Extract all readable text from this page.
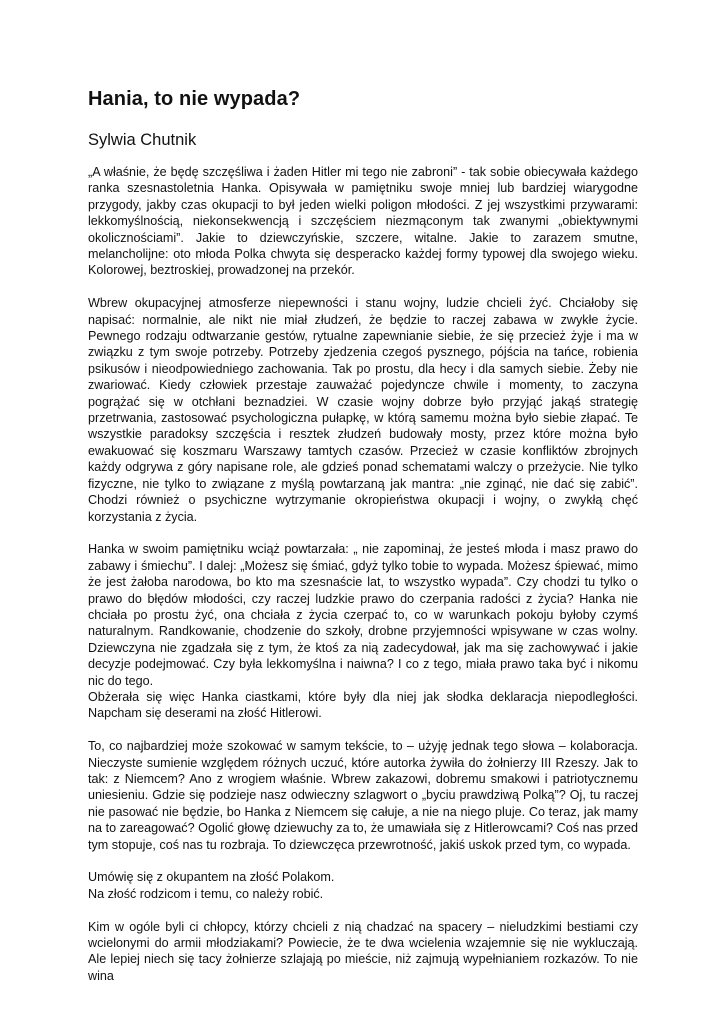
Hania, to nie wypada?
Sylwia Chutnik

„A właśnie, że będę szczęśliwa i żaden Hitler mi tego nie zabroni” - tak sobie obiecywała każdego ranka szesnastoletnia Hanka. Opisywała w pamiętniku swoje mniej lub bardziej wiarygodne przygody, jakby czas okupacji to był jeden wielki poligon młodości. Z jej wszystkimi przywarami: lekkomyślnością, niekonsekwencją i szczęściem niezmąconym tak zwanymi „obiektywnymi okolicznościami”. Jakie to dziewczyńskie, szczere, witalne. Jakie to zarazem smutne, melancholijne: oto młoda Polka chwyta się desperacko każdej formy typowej dla swojego wieku. Kolorowej, beztroskiej, prowadzonej na przekór.

Wbrew okupacyjnej atmosferze niepewności i stanu wojny, ludzie chcieli żyć. Chciałoby się napisać: normalnie, ale nikt nie miał złudzeń, że będzie to raczej zabawa w zwykłe życie. Pewnego rodzaju odtwarzanie gestów, rytualne zapewnianie siebie, że się przecież żyje i ma w związku z tym swoje potrzeby. Potrzeby zjedzenia czegoś pysznego, pójścia na tańce, robienia psikusów i nieodpowiedniego zachowania. Tak po prostu, dla hecy i dla samych siebie. Żeby nie zwariować. Kiedy człowiek przestaje zauważać pojedyncze chwile i momenty, to zaczyna pogrążać się w otchłani beznadziei. W czasie wojny dobrze było przyjąć jakąś strategię przetrwania, zastosować psychologiczna pułapkę, w którą samemu można było siebie złapać. Te wszystkie paradoksy szczęścia i resztek złudzeń budowały mosty, przez które można było ewakuować się koszmaru Warszawy tamtych czasów. Przecież w czasie konfliktów zbrojnych każdy odgrywa z góry napisane role, ale gdzieś ponad schematami walczy o przeżycie. Nie tylko fizyczne, nie tylko to związane z myślą powtarzaną jak mantra: „nie zginąć, nie dać się zabić”. Chodzi również o psychiczne wytrzymanie okropieństwa okupacji i wojny, o zwykłą chęć korzystania z życia.

Hanka w swoim pamiętniku wciąż powtarzała: „ nie zapominaj, że jesteś młoda i masz prawo do zabawy i śmiechu”. I dalej: „Możesz się śmiać, gdyż tylko tobie to wypada. Możesz śpiewać, mimo że jest żałoba narodowa, bo kto ma szesnaście lat, to wszystko wypada”. Czy chodzi tu tylko o prawo do błędów młodości, czy raczej ludzkie prawo do czerpania radości z życia? Hanka nie chciała po prostu żyć, ona chciała z życia czerpać to, co w warunkach pokoju byłoby czymś naturalnym. Randkowanie, chodzenie do szkoły, drobne przyjemności wpisywane w czas wolny. Dziewczyna nie zgadzała się z tym, że ktoś za nią zadecydował, jak ma się zachowywać i jakie decyzje podejmować. Czy była lekkomyślna i naiwna? I co z tego, miała prawo taka być i nikomu nic do tego.

Obżerała się więc Hanka ciastkami, które były dla niej jak słodka deklaracja niepodległości. Napcham się deserami na złość Hitlerowi.

To, co najbardziej może szokować w samym tekście, to – użyję jednak tego słowa – kolaboracja. Nieczyste sumienie względem różnych uczuć, które autorka żywiła do żołnierzy III Rzeszy. Jak to tak: z Niemcem? Ano z wrogiem właśnie. Wbrew zakazowi, dobremu smakowi i patriotycznemu uniesieniu. Gdzie się podzieje nasz odwieczny szlagwort o „byciu prawdziwą Polką”? Oj, tu raczej nie pasować nie będzie, bo Hanka z Niemcem się całuje, a nie na niego pluje. Co teraz, jak mamy na to zareagować? Ogolić głowę dziewuchy za to, że umawiała się z Hitlerowcami? Coś nas przed tym stopuje, coś nas tu rozbraja. To dziewczęca przewrotność, jakiś uskok przed tym, co wypada.

Umówię się z okupantem na złość Polakom.

Na złość rodzicom i temu, co należy robić.

Kim w ogóle byli ci chłopcy, którzy chcieli z nią chadzać na spacery – nieludzkimi bestiami czy wcielonymi do armii młodziakami? Powiecie, że te dwa wcielenia wzajemnie się nie wykluczają. Ale lepiej niech się tacy żołnierze szlajają po mieście, niż zajmują wypełnianiem rozkazów. To nie wina
